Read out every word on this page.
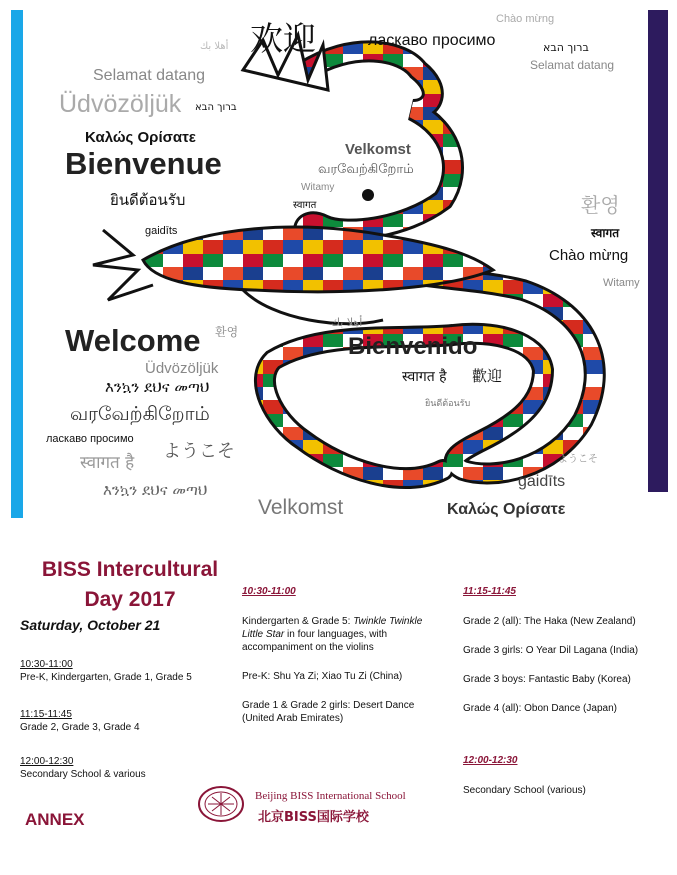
欢迎	ласкаво просимо
Chào mừng
أهلا بك	ברוך הבא
Selamat datang
Selamat datang
Üdvözöljük ברוך הבא
Καλώς Ορίσατε
Bienvenue
ยินดีต้อนรับ
gaidīts
Velkomst
வரவேற்கிறோம்
Witamy
स्वागत	환영
स्वागत
Chào mừng
Witamy
Welcome 환영
أهلا بك
Bienvenido
स्वागत है 歡迎
Üdvözöljük
እንኳን ደህና መጣህ
ยินดีต้อนรับ
வரவேற்கிறோம்
ласкаво просимо
ようこそ
स्वागत है	ようこそ
gaidīts
እንኳን ደህና መጣህ
Velkomst	Καλώς Ορίσατε
BISS Intercultural
Day 2017
Saturday, October 21
10:30-11:00
Pre-K, Kindergarten, Grade 1, Grade 5
11:15-11:45
Grade 2, Grade 3, Grade 4
12:00-12:30
Secondary School & various
ANNEX
10:30-11:00
Kindergarten & Grade 5: Twinkle Twinkle Little Star in four languages, with accompaniment on the violins
Pre-K: Shu Ya Zi; Xiao Tu Zi (China)
Grade 1 & Grade 2 girls: Desert Dance (United Arab Emirates)
11:15-11:45
Grade 2 (all): The Haka (New Zealand)
Grade 3 girls: O Year Dil Lagana (India)
Grade 3 boys: Fantastic Baby (Korea)
Grade 4 (all): Obon Dance (Japan)
12:00-12:30
Secondary School (various)
Beijing BISS International School
北京BISS国际学校
